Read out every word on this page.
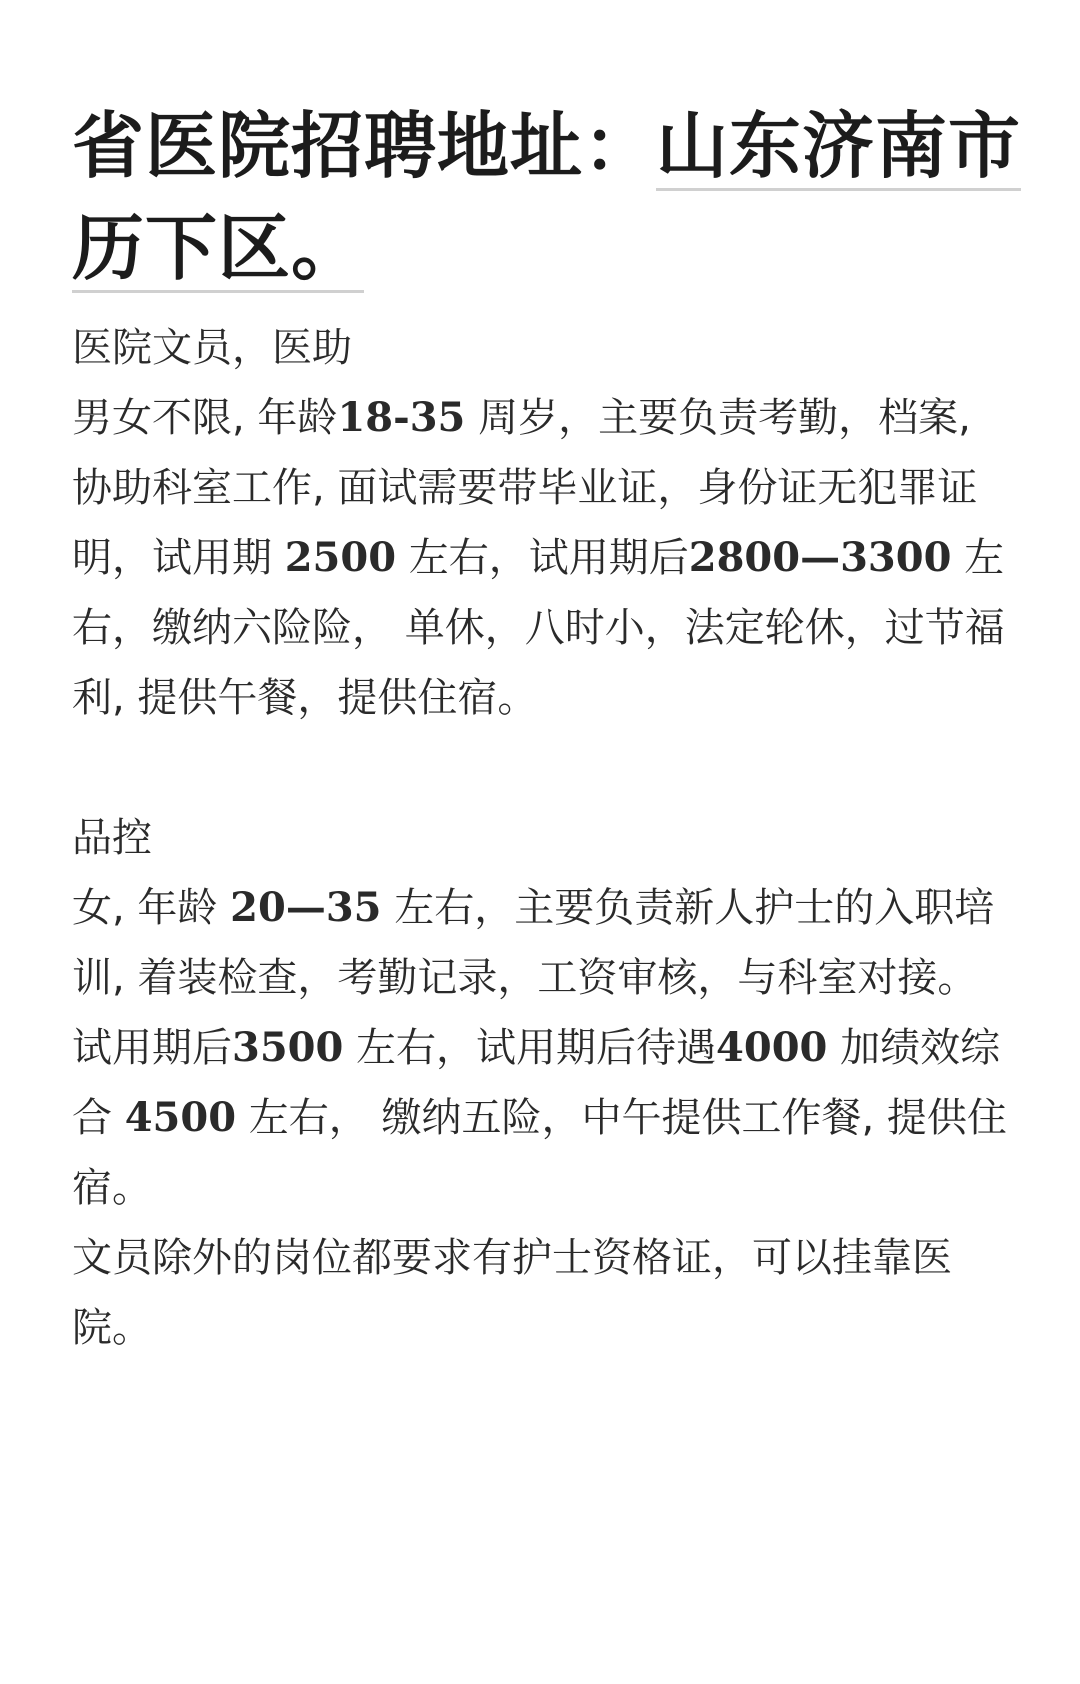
省医院招聘地址：山东济南市历下区。

医院文员，医助

男女不限, 年龄18-35 周岁，主要负责考勤，档案, 协助科室工作, 面试需要带毕业证，身份证无犯罪证明，试用期 2500 左右，试用期后2800—3300 左右，缴纳六险险， 单休，八时小，法定轮休，过节福利, 提供午餐，提供住宿。

品控

女, 年龄 20—35 左右，主要负责新人护士的入职培训, 着装检查，考勤记录，工资审核，与科室对接。

试用期后3500 左右，试用期后待遇4000 加绩效综合 4500 左右， 缴纳五险，中午提供工作餐, 提供住宿。

文员除外的岗位都要求有护士资格证，可以挂靠医院。
